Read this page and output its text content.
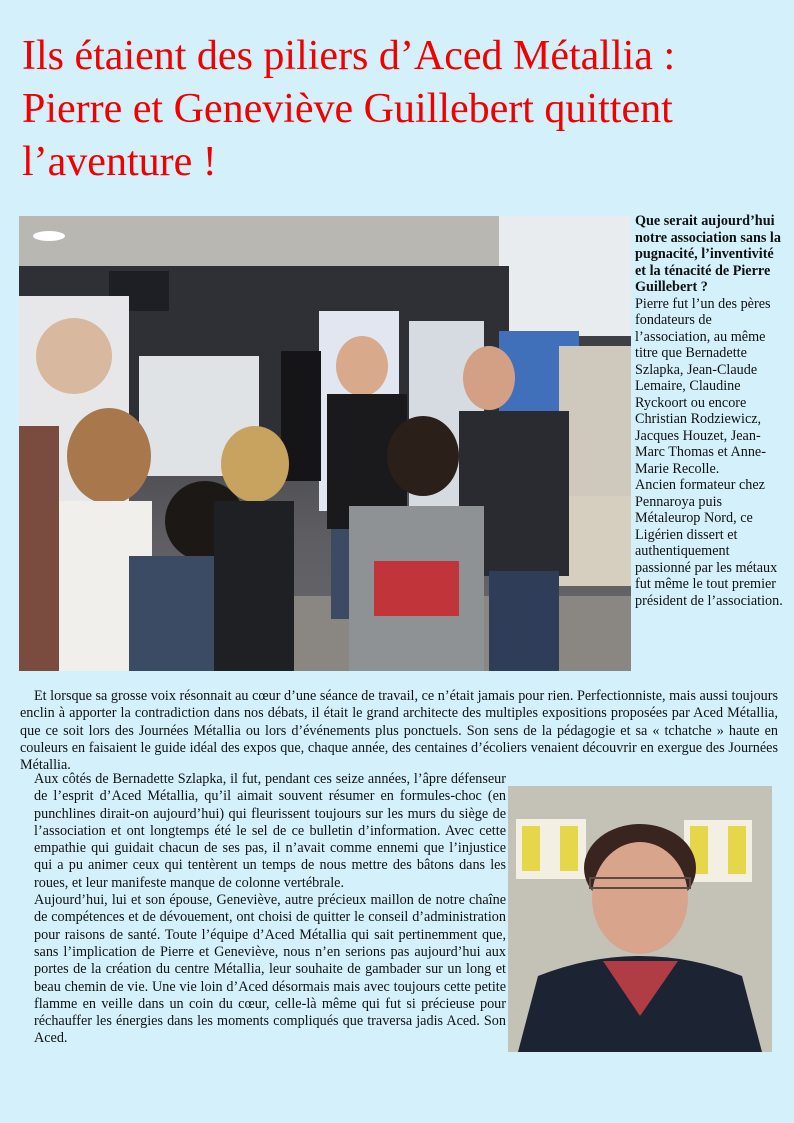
Ils étaient des piliers d’Aced Métallia : Pierre et Geneviève Guillebert quittent l’aventure !

Que serait aujourd’hui notre association sans la pugnacité, l’inventivité et la ténacité de Pierre Guillebert ?

Pierre fut l’un des pères fondateurs de l’association, au même titre que Bernadette Szlapka, Jean-Claude Lemaire, Claudine Ryckoort ou encore Christian Rodziewicz, Jacques Houzet, Jean-Marc Thomas et Anne-Marie Recolle.

Ancien formateur chez Pennaroya puis Métaleurop Nord, ce Ligérien dissert et authentiquement passionné par les métaux fut même le tout premier président de l’association.

Et lorsque sa grosse voix résonnait au cœur d’une séance de travail, ce n’était jamais pour rien. Perfectionniste, mais aussi toujours enclin à apporter la contradiction dans nos débats, il était le grand architecte des multiples expositions proposées par Aced Métallia, que ce soit lors des Journées Métallia ou lors d’événements plus ponctuels. Son sens de la pédagogie et sa « tchatche » haute en couleurs en faisaient le guide idéal des expos que, chaque année, des centaines d’écoliers venaient découvrir en exergue des Journées Métallia.

Aux côtés de Bernadette Szlapka, il fut, pendant ces seize années, l’âpre défenseur de l’esprit d’Aced Métallia, qu’il aimait souvent résumer en formules-choc (en punchlines dirait-on aujourd’hui) qui fleurissent toujours sur les murs du siège de l’association et ont longtemps été le sel de ce bulletin d’information. Avec cette empathie qui guidait chacun de ses pas, il n’avait comme ennemi que l’injustice qui a pu animer ceux qui tentèrent un temps de nous mettre des bâtons dans les roues, et leur manifeste manque de colonne vertébrale.

Aujourd’hui, lui et son épouse, Geneviève, autre précieux maillon de notre chaîne de compétences et de dévouement, ont choisi de quitter le conseil d’administration pour raisons de santé. Toute l’équipe d’Aced Métallia qui sait pertinemment que, sans l’implication de Pierre et Geneviève, nous n’en serions pas aujourd’hui aux portes de la création du centre Métallia, leur souhaite de gambader sur un long et beau chemin de vie. Une vie loin d’Aced désormais mais avec toujours cette petite flamme en veille dans un coin du cœur, celle-là même qui fut si précieuse pour réchauffer les énergies dans les moments compliqués que traversa jadis Aced. Son Aced.
